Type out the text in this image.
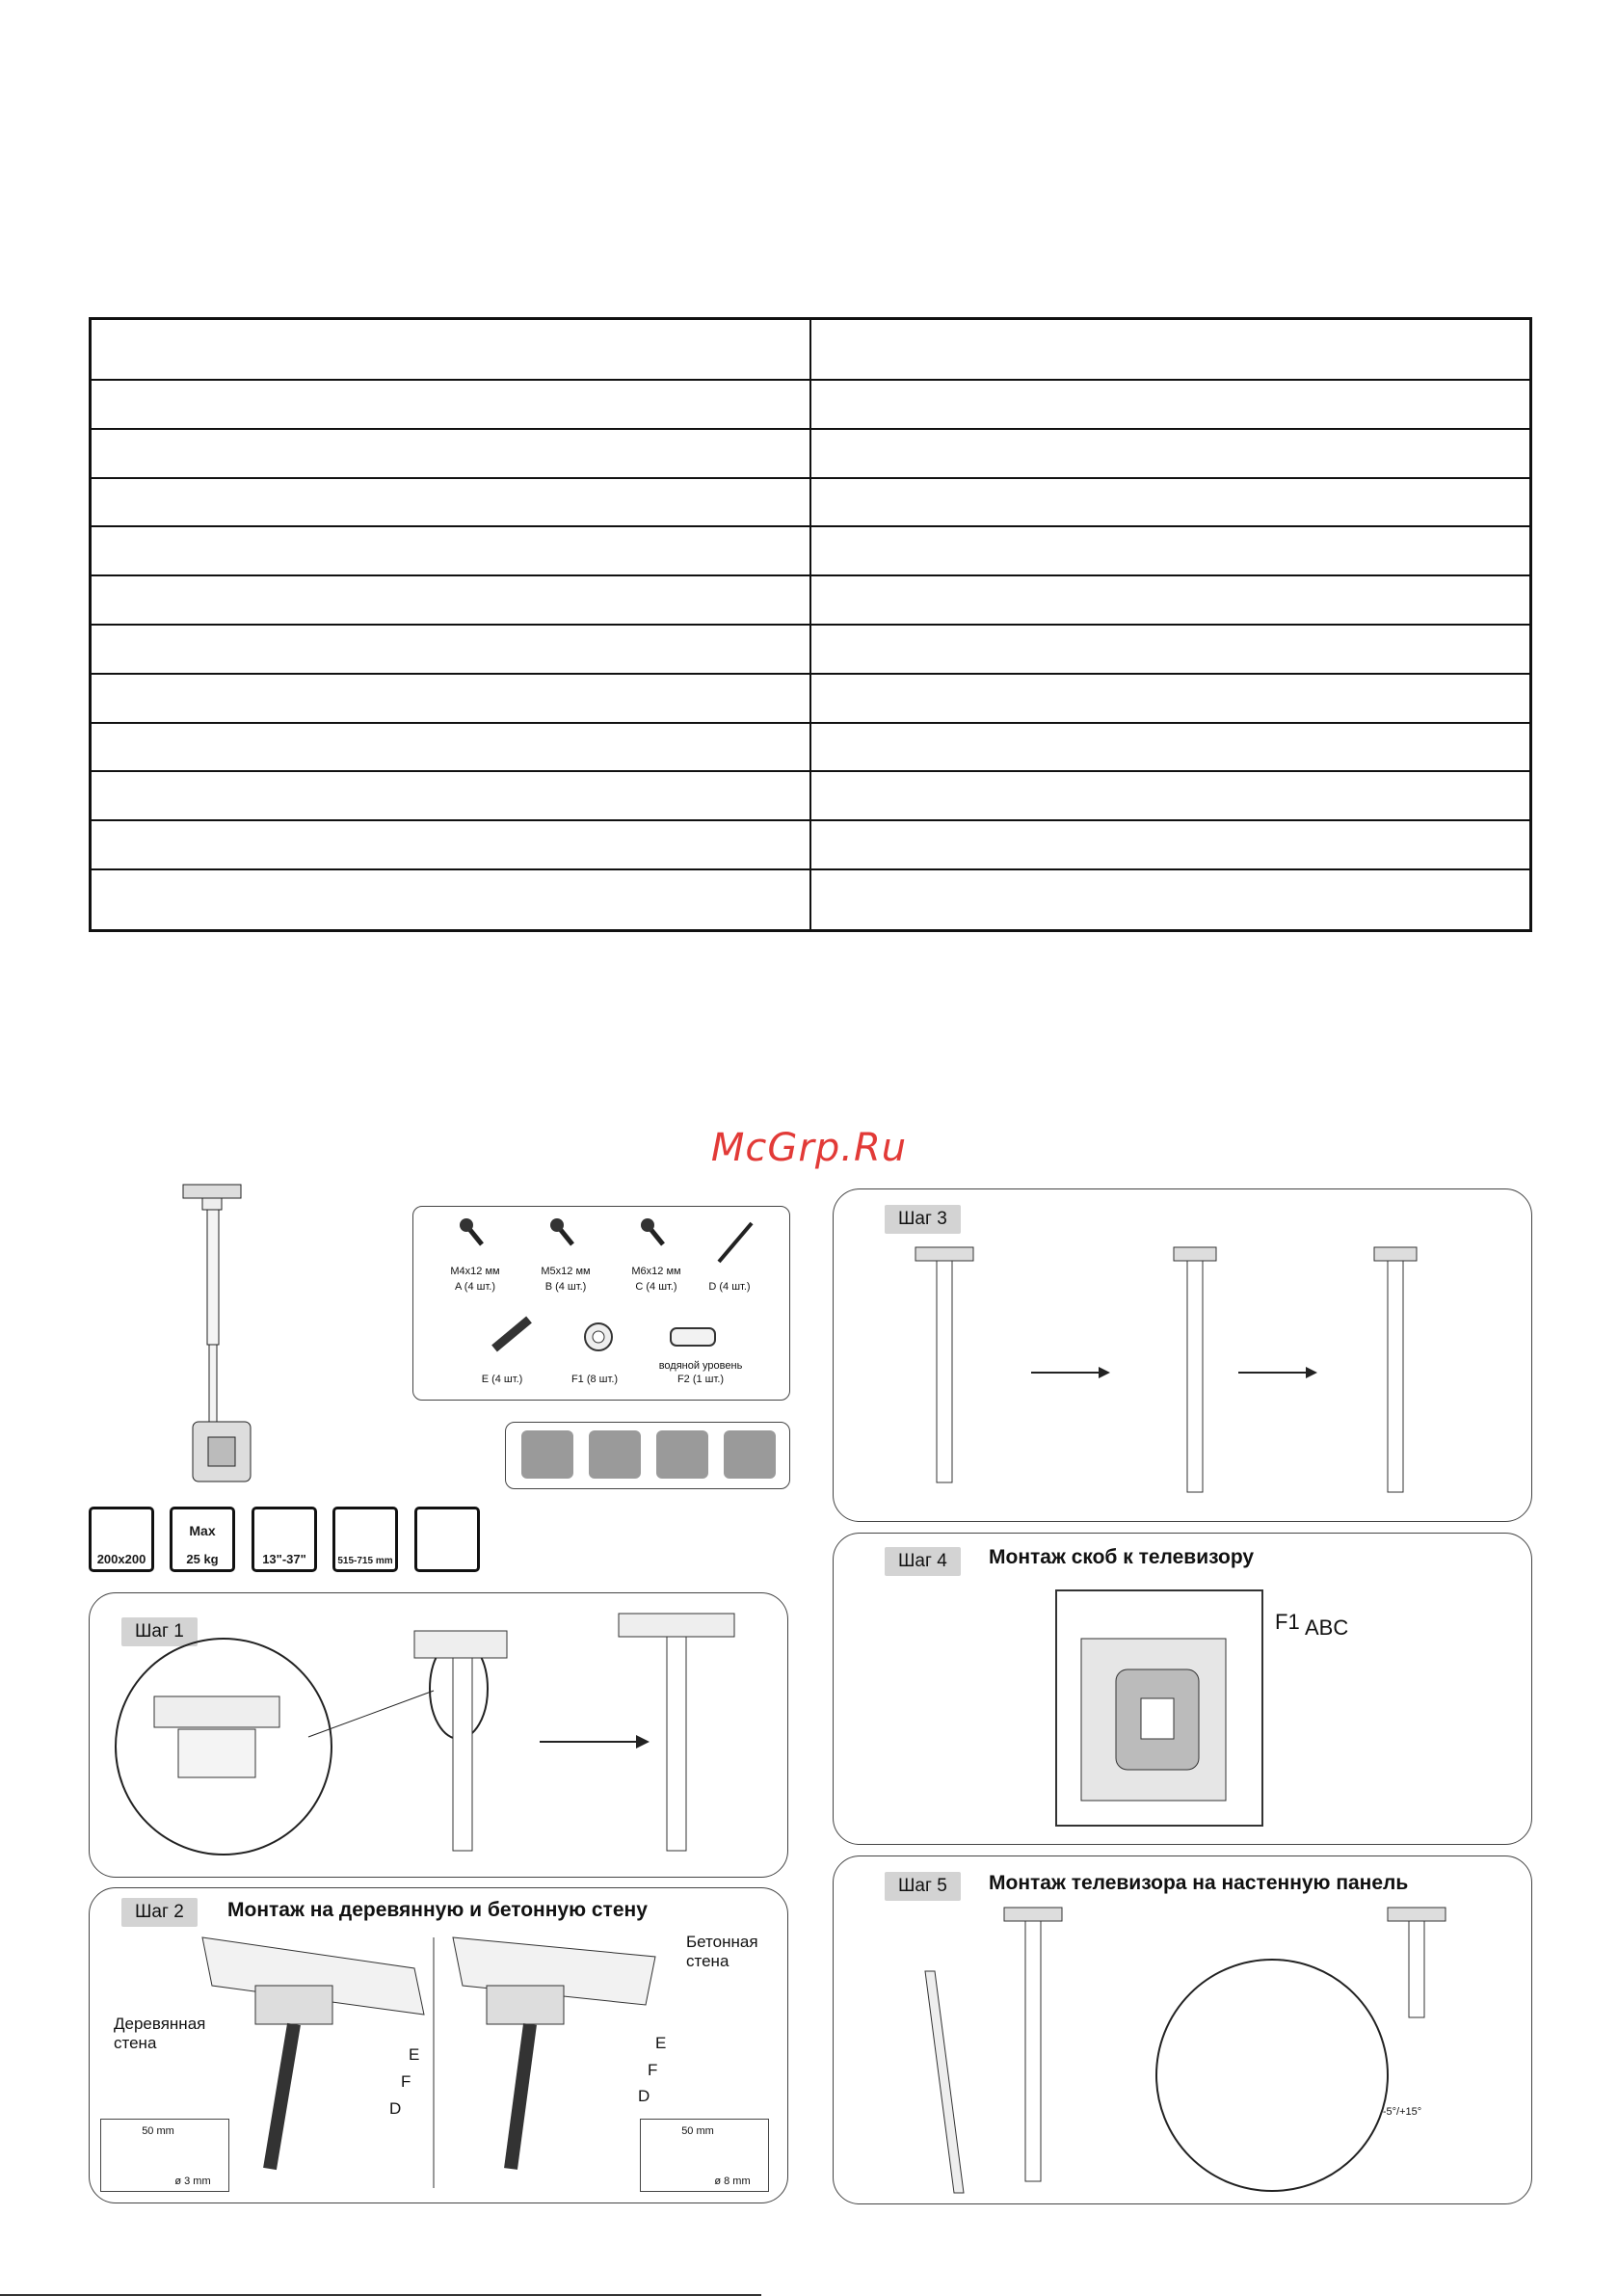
McGrp.Ru
M4x12 мм
A (4 шт.)
M5x12 мм
B (4 шт.)
M6x12 мм
C (4 шт.)	D (4 шт.)
E (4 шт.)	F1 (8 шт.)
водяной уровень
F2 (1 шт.)
200x200
Max
25 kg	13"-37"	515-715 mm
Шаг 1
Шаг 2	Монтаж на деревянную и бетонную стену
Деревянная
стена
Бетонная
стена
E
F
D
E
F
D
50 mm
ø 3 mm
50 mm
ø 8 mm
Шаг 3
Шаг 4	Монтаж скоб к телевизору
F1 ABC
Шаг 5	Монтаж телевизора на настенную панель
-5°/+15°
